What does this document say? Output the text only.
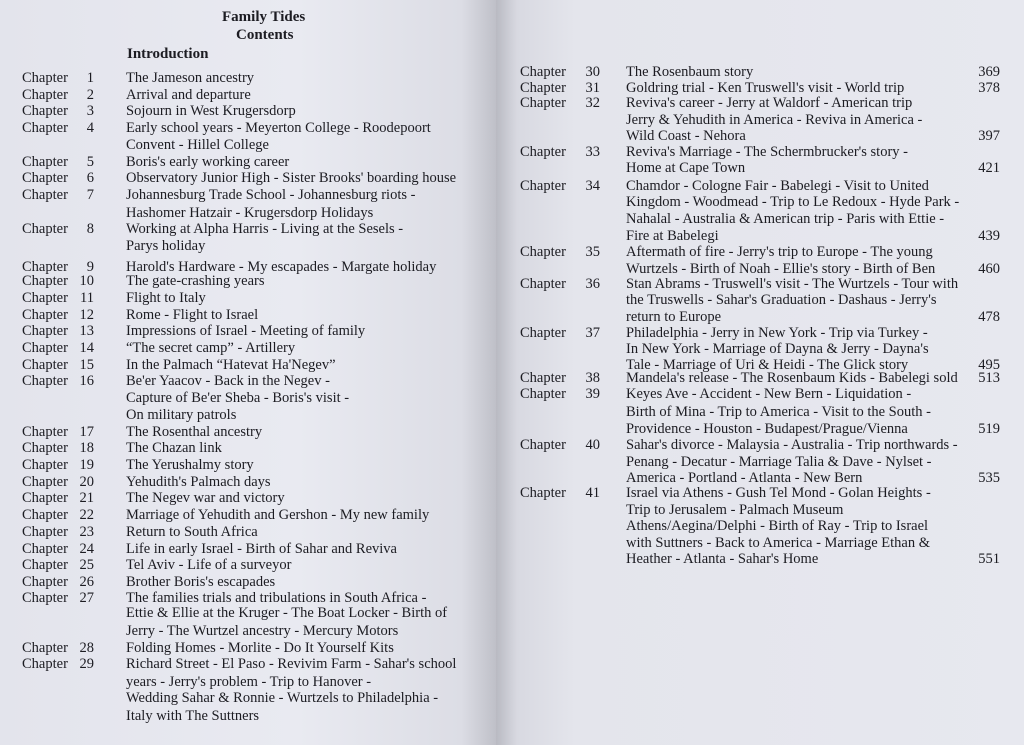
Family Tides
Contents
Introduction
Chapter	1 The Jameson ancestry
Chapter	2 Arrival and departure
Chapter	3 Sojourn in West Krugersdorp
Chapter	4 Early school years - Meyerton College - Roodepoort
Convent - Hillel College
Chapter	5 Boris's early working career
Chapter	6 Observatory Junior High - Sister Brooks' boarding house
Chapter	7 Johannesburg Trade School - Johannesburg riots -
Hashomer Hatzair - Krugersdorp Holidays
Chapter	8 Working at Alpha Harris - Living at the Sesels -
Parys holiday
Chapter	9 Harold's Hardware - My escapades - Margate holiday
Chapter 10 The gate-crashing years
Chapter 11 Flight to Italy
Chapter 12 Rome - Flight to Israel
Chapter 13 Impressions of Israel - Meeting of family
Chapter 14 “The secret camp” - Artillery
Chapter 15 In the Palmach “Hatevat Ha'Negev”
Chapter 16 Be'er Yaacov - Back in the Negev -
Capture of Be'er Sheba - Boris's visit -
On military patrols
Chapter 17 The Rosenthal ancestry
Chapter 18 The Chazan link
Chapter 19 The Yerushalmy story
Chapter 20 Yehudith's Palmach days
Chapter 21 The Negev war and victory
Chapter 22 Marriage of Yehudith and Gershon - My new family
Chapter 23 Return to South Africa
Chapter 24 Life in early Israel - Birth of Sahar and Reviva
Chapter 25 Tel Aviv - Life of a surveyor
Chapter 26 Brother Boris's escapades
Chapter 27 The families trials and tribulations in South Africa -
Ettie & Ellie at the Kruger - The Boat Locker - Birth of
Jerry - The Wurtzel ancestry - Mercury Motors
Chapter 28 Folding Homes - Morlite - Do It Yourself Kits
Chapter 29 Richard Street - El Paso - Revivim Farm - Sahar's school
years - Jerry's problem - Trip to Hanover -
Wedding Sahar & Ronnie - Wurtzels to Philadelphia -
Italy with The Suttners
Chapter	30 The Rosenbaum story	369
Chapter	31 Goldring trial - Ken Truswell's visit - World trip	378
Chapter	32 Reviva's career - Jerry at Waldorf - American trip
Jerry & Yehudith in America - Reviva in America -
Wild Coast - Nehora	397
Chapter	33 Reviva's Marriage - The Schermbrucker's story -
Home at Cape Town	421
Chapter	34 Chamdor - Cologne Fair - Babelegi - Visit to United
Kingdom - Woodmead - Trip to Le Redoux - Hyde Park -
Nahalal - Australia & American trip - Paris with Ettie -
Fire at Babelegi	439
Chapter	35 Aftermath of fire - Jerry's trip to Europe - The young
Wurtzels - Birth of Noah - Ellie's story - Birth of Ben	460
Chapter	36 Stan Abrams - Truswell's visit - The Wurtzels - Tour with
the Truswells - Sahar's Graduation - Dashaus - Jerry's
return to Europe	478
Chapter	37 Philadelphia - Jerry in New York - Trip via Turkey -
In New York - Marriage of Dayna & Jerry - Dayna's
Tale - Marriage of Uri & Heidi - The Glick story	495
Chapter	38 Mandela's release - The Rosenbaum Kids - Babelegi sold	513
Chapter	39 Keyes Ave - Accident - New Bern - Liquidation -
Birth of Mina - Trip to America - Visit to the South -
Providence - Houston - Budapest/Prague/Vienna	519
Chapter	40 Sahar's divorce - Malaysia - Australia - Trip northwards -
Penang - Decatur - Marriage Talia & Dave - Nylset -
America - Portland - Atlanta - New Bern	535
Chapter	41 Israel via Athens - Gush Tel Mond - Golan Heights -
Trip to Jerusalem - Palmach Museum
Athens/Aegina/Delphi - Birth of Ray - Trip to Israel
with Suttners - Back to America - Marriage Ethan &
Heather - Atlanta - Sahar's Home	551
